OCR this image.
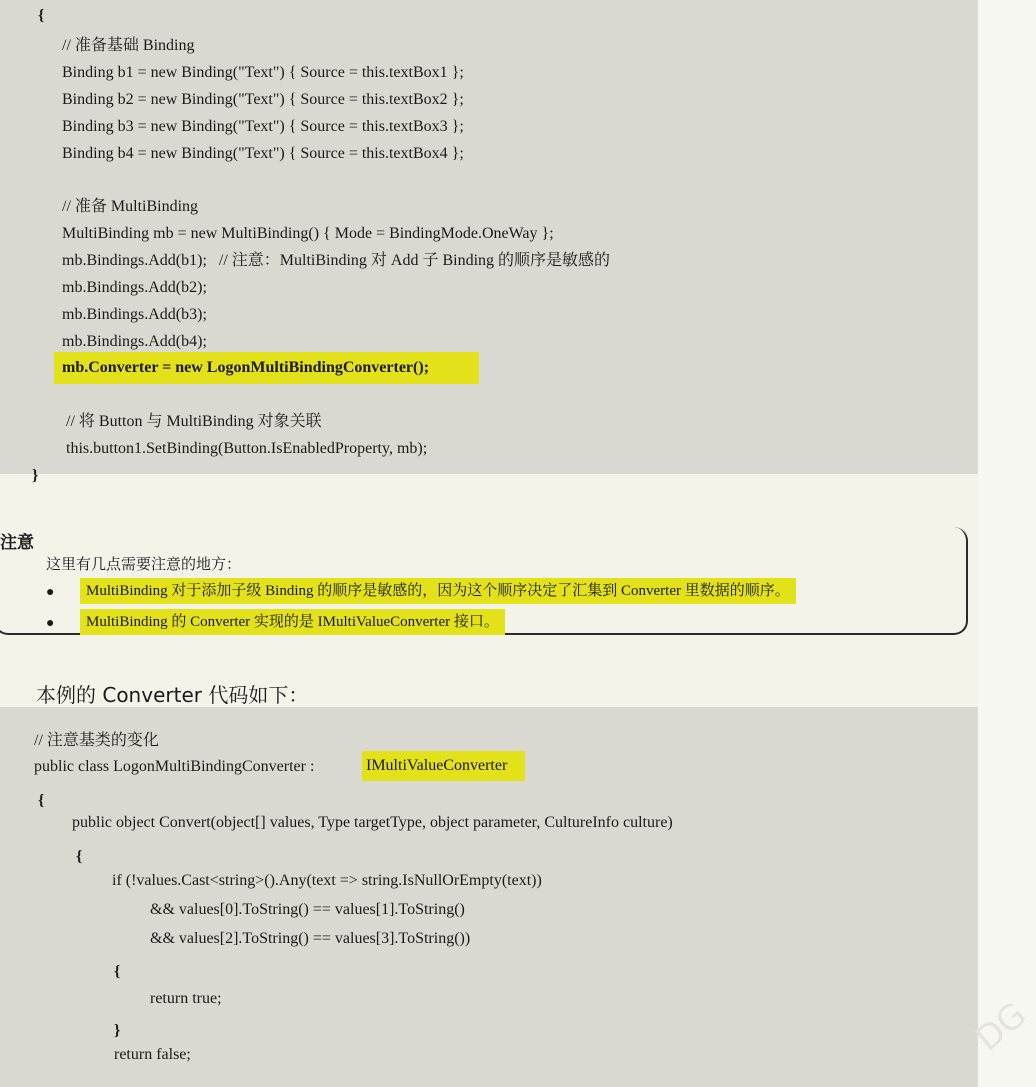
{
// 准备基础 Binding
Binding b1 = new Binding("Text") { Source = this.textBox1 };
Binding b2 = new Binding("Text") { Source = this.textBox2 };
Binding b3 = new Binding("Text") { Source = this.textBox3 };
Binding b4 = new Binding("Text") { Source = this.textBox4 };
// 准备 MultiBinding
MultiBinding mb = new MultiBinding() { Mode = BindingMode.OneWay };
mb.Bindings.Add(b1);   // 注意：MultiBinding 对 Add 子 Binding 的顺序是敏感的
mb.Bindings.Add(b2);
mb.Bindings.Add(b3);
mb.Bindings.Add(b4);
mb.Converter = new LogonMultiBindingConverter();
// 将 Button 与 MultiBinding 对象关联
this.button1.SetBinding(Button.IsEnabledProperty, mb);
}
注意
这里有几点需要注意的地方：
●	MultiBinding 对于添加子级 Binding 的顺序是敏感的，因为这个顺序决定了汇集到 Converter 里数据的顺序。
●	MultiBinding 的 Converter 实现的是 IMultiValueConverter 接口。
本例的 Converter 代码如下：
// 注意基类的变化
public class LogonMultiBindingConverter :	IMultiValueConverter
{
public object Convert(object[] values, Type targetType, object parameter, CultureInfo culture)
{
if (!values.Cast<string>().Any(text => string.IsNullOrEmpty(text))
&& values[0].ToString() == values[1].ToString()
&& values[2].ToString() == values[3].ToString())
{
return true;
}
return false;	DG
